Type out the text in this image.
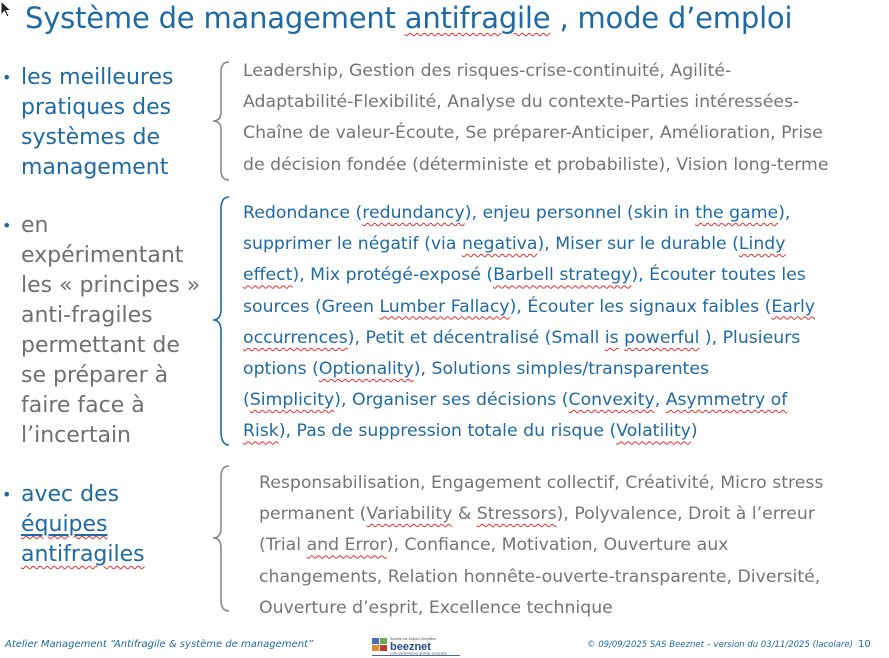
Système de management antifragile , mode d’emploi
• les meilleures
pratiques des
systèmes de
management
• en
expérimentant
les « principes »
anti-fragiles
permettant de
se préparer à
faire face à
l’incertain
• avec des
équipes
antifragiles
Leadership, Gestion des risques-crise-continuité, Agilité-
Adaptabilité-Flexibilité, Analyse du contexte-Parties intéressées-
Chaîne de valeur-Écoute, Se préparer-Anticiper, Amélioration, Prise
de décision fondée (déterministe et probabiliste), Vision long-terme
Redondance (redundancy), enjeu personnel (skin in the game),
supprimer le négatif (via negativa), Miser sur le durable (Lindy
effect), Mix protégé-exposé (Barbell strategy), Écouter toutes les
sources (Green Lumber Fallacy), Écouter les signaux faibles (Early
occurrences), Petit et décentralisé (Small is powerful ), Plusieurs
options (Optionality), Solutions simples/transparentes
(Simplicity), Organiser ses décisions (Convexity, Asymmetry of
Risk), Pas de suppression totale du risque (Volatility)
Responsabilisation, Engagement collectif, Créativité, Micro stress
permanent (Variability & Stressors), Polyvalence, Droit à l’erreur
(Trial and Error), Confiance, Motivation, Ouverture aux
changements, Relation honnête-ouverte-transparente, Diversité,
Ouverture d’esprit, Excellence technique
Atelier Management “Antifragile & système de management”	Société par Actions Simplifiée
beeznet
votre performance globale et durable
© 09/09/2025 SAS Beeznet – version du 03/11/2025 (lacolare) 10
